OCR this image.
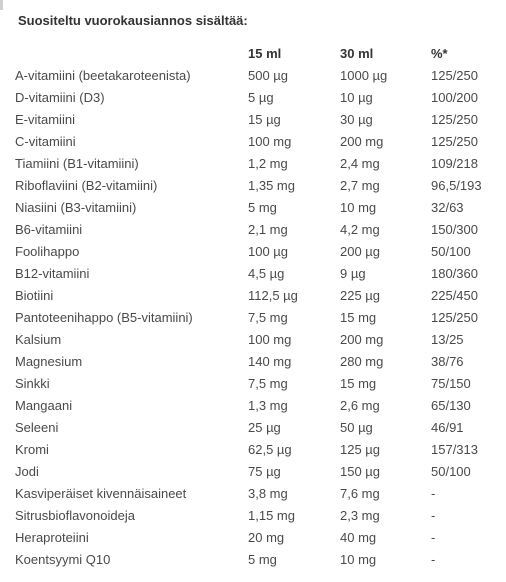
Suositeltu vuorokausiannos sisältää:
	15 ml	30 ml	%*
A-vitamiini (beetakaroteenista)	500 µg	1000 µg	125/250
D-vitamiini (D3)	5 µg	10 µg	100/200
E-vitamiini	15 µg	30 µg	125/250
C-vitamiini	100 mg	200 mg	125/250
Tiamiini (B1-vitamiini)	1,2 mg	2,4 mg	109/218
Riboflaviini (B2-vitamiini)	1,35 mg	2,7 mg	96,5/193
Niasiini (B3-vitamiini)	5 mg	10 mg	32/63
B6-vitamiini	2,1 mg	4,2 mg	150/300
Foolihappo	100 µg	200 µg	50/100
B12-vitamiini	4,5 µg	9 µg	180/360
Biotiini	112,5 µg	225 µg	225/450
Pantoteenihappo (B5-vitamiini)	7,5 mg	15 mg	125/250
Kalsium	100 mg	200 mg	13/25
Magnesium	140 mg	280 mg	38/76
Sinkki	7,5 mg	15 mg	75/150
Mangaani	1,3 mg	2,6 mg	65/130
Seleeni	25 µg	50 µg	46/91
Kromi	62,5 µg	125 µg	157/313
Jodi	75 µg	150 µg	50/100
Kasviperäiset kivennäisaineet	3,8 mg	7,6 mg	-
Sitrusbioflavonoideja	1,15 mg	2,3 mg	-
Heraproteiini	20 mg	40 mg	-
Koentsyymi Q10	5 mg	10 mg	-
